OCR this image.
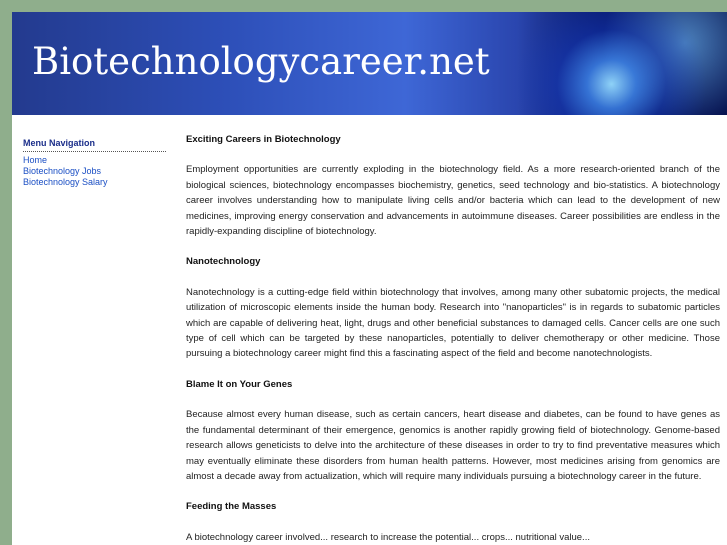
Biotechnologycareer.net
Menu Navigation
Home
Biotechnology Jobs
Biotechnology Salary
Exciting Careers in Biotechnology

Employment opportunities are currently exploding in the biotechnology field. As a more research-oriented branch of the biological sciences, biotechnology encompasses biochemistry, genetics, seed technology and bio-statistics. A biotechnology career involves understanding how to manipulate living cells and/or bacteria which can lead to the development of new medicines, improving energy conservation and advancements in autoimmune diseases. Career possibilities are endless in the rapidly-expanding discipline of biotechnology.

Nanotechnology

Nanotechnology is a cutting-edge field within biotechnology that involves, among many other subatomic projects, the medical utilization of microscopic elements inside the human body. Research into "nanoparticles" is in regards to subatomic particles which are capable of delivering heat, light, drugs and other beneficial substances to damaged cells. Cancer cells are one such type of cell which can be targeted by these nanoparticles, potentially to deliver chemotherapy or other medicine. Those pursuing a biotechnology career might find this a fascinating aspect of the field and become nanotechnologists.

Blame It on Your Genes

Because almost every human disease, such as certain cancers, heart disease and diabetes, can be found to have genes as the fundamental determinant of their emergence, genomics is another rapidly growing field of biotechnology. Genome-based research allows geneticists to delve into the architecture of these diseases in order to try to find preventative measures which may eventually eliminate these disorders from human health patterns. However, most medicines arising from genomics are almost a decade away from actualization, which will require many individuals pursuing a biotechnology career in the future.

Feeding the Masses

A biotechnology career involved... research to increase the potential... crops... nutritional value...
